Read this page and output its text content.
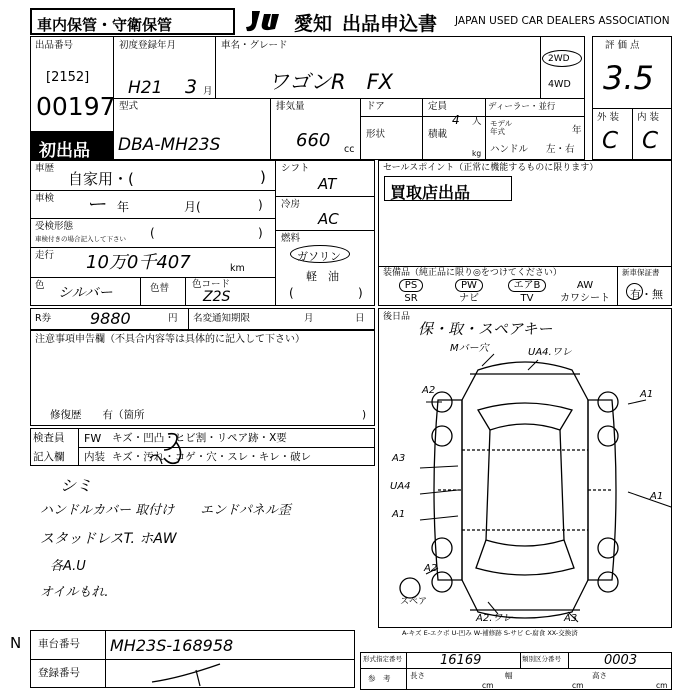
車内保管・守衛保管	愛知 出品申込書 JAPAN USED CAR DEALERS ASSOCIATION
出品番号
[2152]
00197
初出品
初度登録年月
H21 3 月
車名・グレード
ワゴンR　FX
2WD
4WD
型式
DBA-MH23S
排気量
660 cc
ドア
形状
定員
4 人
積載
kg
ディーラー・並行
モデル
年式	年
ハンドル 左・右
評 価 点
3.5
外 装 内 装
C C
車歴
自家用・(	)
車検 ー 年	月(	)
受検形態
車検付きの場合記入して下さい (	)
走行 10万0千407	km
色 シルバー	色替 色コード
Z2S
シフト
AT
冷房
AC
燃料
ガソリン
軽　油
(	)
セールスポイント（正常に機能するものに限ります）
買取店出品
装備品（純正品に限り◎をつけてください）
PS	PW	エアB	AW
SR	ナビ	TV	カワシート
新車保証書
有・無
R券 9880	円 名変通知期限	月	日
注意事項申告欄（不具合内容等は具体的に記入して下さい）
修復歴　　有（箇所	)
検査員
記入欄
FW キズ・凹凸・ヒビ割・リペア跡・X要
内装 キズ・汚れ・コゲ・穴・スレ・キレ・破レ
シミ
ハンドルカバー 取付け　　エンドパネル歪
スタッドレスT. ホAW
各A.U
オイルもれ.
後日品
保・取・スペアキー
Mバー穴	UA4.ワレ
A2	A1
A3
UA4
A1
A2
A1
A2.ワレ	A3
スペア
A-キズ E-エクボ U-凹み W-補修跡 S-サビ C-腐食 XX-交換済
N 車台番号 MH23S-168958
登録番号
形式指定番号	16169	類別区分番号	0003
参　考	長さ
cm
幅
cm
高さ
cm
